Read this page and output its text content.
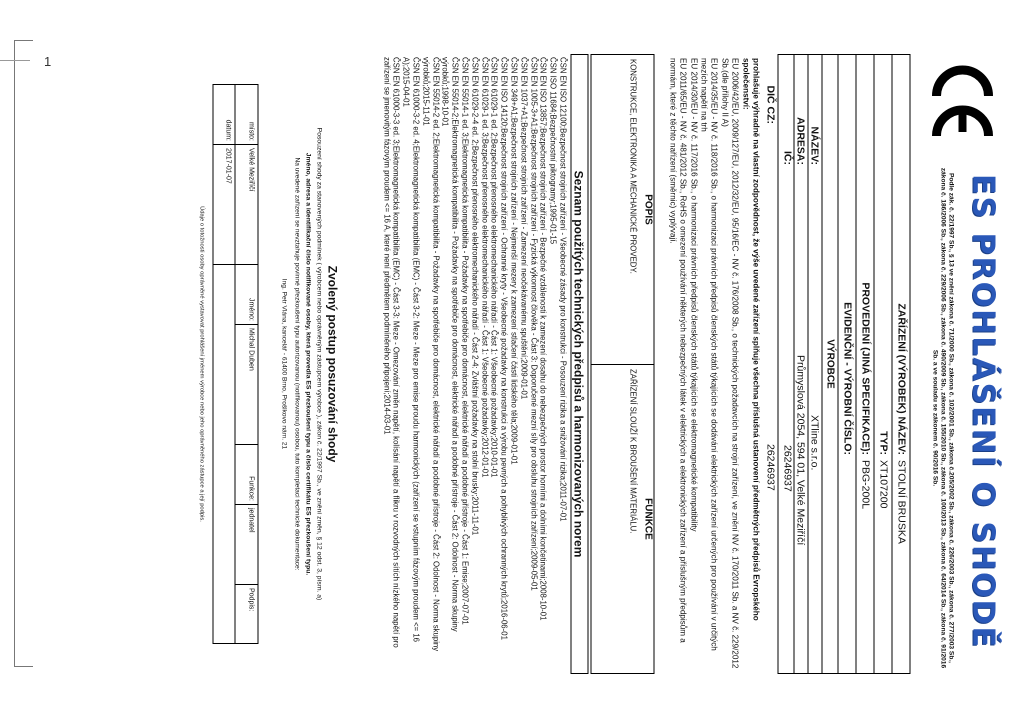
1
ES PROHLÁŠENÍ O SHODĚ
Podle zák. č. 22/1997 Sb., § 13 ve znění zákona č. 71/2000 Sb., zákona č. 102/2001 Sb., zákona č.205/2002 Sb., zákona č. 226/2003 Sb., zákona č. 277/2003 Sb., zákona č. 186/2006 Sb., zákona č. 229/2006 Sb., zákona č. 490/2009 Sb., zákona č. 155/2010 Sb., zákona č. 100/2013 Sb., zákona č. 64/2014 Sb., zákona č. 91/2016 Sb. a ve souladu se zákonem č. 90/2016 Sb.
ZAŘÍZENÍ (VÝROBEK) NÁZEV:
STOLNÍ BRUSKA
TYP:
XT107200
PROVEDENÍ (JINÁ SPECIFIKACE):
PBG-200L
EVIDENČNÍ - VÝROBNÍ ČÍSLO:
VÝROBCE
NÁZEV:
XTline s.r.o.
ADRESA:
Průmyslová 2054, 594 01, Velké Meziříčí
IČ:
26246937
DIČ CZ:
26246937
prohlašuje výhradně na vlastní zodpovědnost, že výše uvedené zařízení splňuje všechna příslušná ustanovení předmětných předpisů Evropského společenství:
EU 2006/42/EU, 2009/127/EU, 2012/32/EU, 95/16/EC - NV č. 176/2008 Sb., o technických požadavcích na strojní zařízení, ve znění NV č. 170/2011 Sb. a NV č. 229/2012 Sb.(dle přílohy II A)
EU 2014/35/EU - NV č. 118/2016 Sb., o harmonizaci právních předpisů členských států týkajících se dodávání elektrických zařízení určených pro používání v určitých mezích napětí na trh
EU 2014/30/EU - NV č. 117/2016 Sb., o harmonizaci právních předpisů členských států týkajících se elektromagnetické kompatibility
EU 2011/65/EU - NV č. 481/2012 Sb., RoHS o omezení používání některých nebezpečných látek v elektrických a elektronických zařízení a příslušným předpisům a normám, které z těchto nařízení (směrnic) vyplývají.
POPIS
FUNKCE
KONSTRUKCE, ELEKTRONIKA A MECHANICKÉ PROVEDY.
ZAŘÍZENÍ SLOUŽÍ K BROUŠENÍ MATERIÁLU.
Seznam použitých technických předpisů a harmonizovaných norem
ČSN EN ISO 12100;Bezpečnost strojních zařízení - Všeobecné zásady pro konstrukci - Posouzení rizika a snižování rizika;2011-07-01
ČSN ISO 11684;Bezpečnostní piktogramy;1995-01-15
ČSN EN ISO 13857;Bezpečnost strojních zařízení - Bezpečné vzdálenosti k zamezení dosahu do nebezpečných prostor horními a dolními končetinami;2008-10-01
ČSN EN 1005-3+A1;Bezpečnost strojních zařízení - Fyzická výkonnost člověka - Část 3: Doporučené mezní síly pro obsluhu strojních zařízení;2009-05-01
ČSN EN 1037+A1;Bezpečnost strojních zařízení - Zamezení neočekávanému spuštění;2009-01-01
ČSN EN 349+A1;Bezpečnost strojních zařízení - Nejmenší mezery k zamezení stlačení části lidského těla;2009-01-01
ČSN EN ISO 14120;Bezpečnost strojních zařízení - Ochranné kryty - Všeobecné požadavky na konstrukci a výrobu pevných a pohyblivých ochranných krytů;2016-06-01
ČSN EN 61029-1 ed. 2;Bezpečnost přenosného elektromechanického nářadí - Část 1: Všeobecné požadavky;2010-01-01
ČSN EN 61029-1 ed. 3;Bezpečnost přenosného elektromechanického nářadí - Část 1: Všeobecné požadavky;2012-01-01
ČSN EN 61029-2-4 ed. 2;Bezpečnost přenosného elektromechanického nářadí - Část 2-4: Zvláštní požadavky na stolní brusky;2011-11-01
ČSN EN 55014-1 ed. 3;Elektromagnetická kompatibilita - Požadavky na spotřebiče pro domácnost, elektrické nářadí a podobné přístroje - Část 1: Emise;2007-07-01
ČSN EN 55014-2;Elektromagnetická kompatibilita - Požadavky na spotřebiče pro domácnost, elektrické nářadí a podobné přístroje - Část 2: Odolnost - Norma skupiny výrobků;1998-10-01
ČSN EN 55014-2 ed. 2;Elektromagnetická kompatibilita - Požadavky na spotřebiče pro domácnost, elektrické nářadí a podobné přístroje - Část 2: Odolnost - Norma skupiny výrobků;2015-11-01
ČSN EN 61000-3-2 ed. 4;Elektromagnetická kompatibilita (EMC) - Část 3-2: Meze - Meze pro emise proudu harmonických (zařízení se vstupním fázovým proudem <= 16 A);2015-04-01
ČSN EN 61000-3-3 ed. 3;Elektromagnetická kompatibilita (EMC) - Část 3-3: Meze - Omezování změn napětí, kolísání napětí a flikru v rozvodných sítích nízkého napětí pro zařízení se jmenovitým fázovým proudem <= 16 A, které není předmětem podmíněného připojení;2014-03-01
Zvolený postup posuzování shody
Posouzení shody za stanovených podmínek ( výrobcem nebo oprávněným zástupcem výrobce ), zákon č. 22/1997 Sb., ve znění změn, § 12 odst. 3, písm. a)
Jméno, adresa a identifikační číslo notifikované osoby, která provedla ES přezkoušení typu a číslo certifikátu ES přezkoušení typu.
Na uvedené zařízení se nevztahuje povinné přezkoušení typu autorizovanou (notifikovanou) osobou, tuto kompletaci technické dokumentace:
Ing. Petr Vlána, kancelář - 61400 Brno, Prošlkovo nám. 21
místo:
Velké Meziříčí
Jméno:
Michal Duben
Funkce:
jednatel
Podpis:
datum:
2017-01-07
Údaje o totožnosti osoby oprávněné vystavovat prohlášení jménem výrobce nebo jeho oprávněného zástupce a její podpis.
